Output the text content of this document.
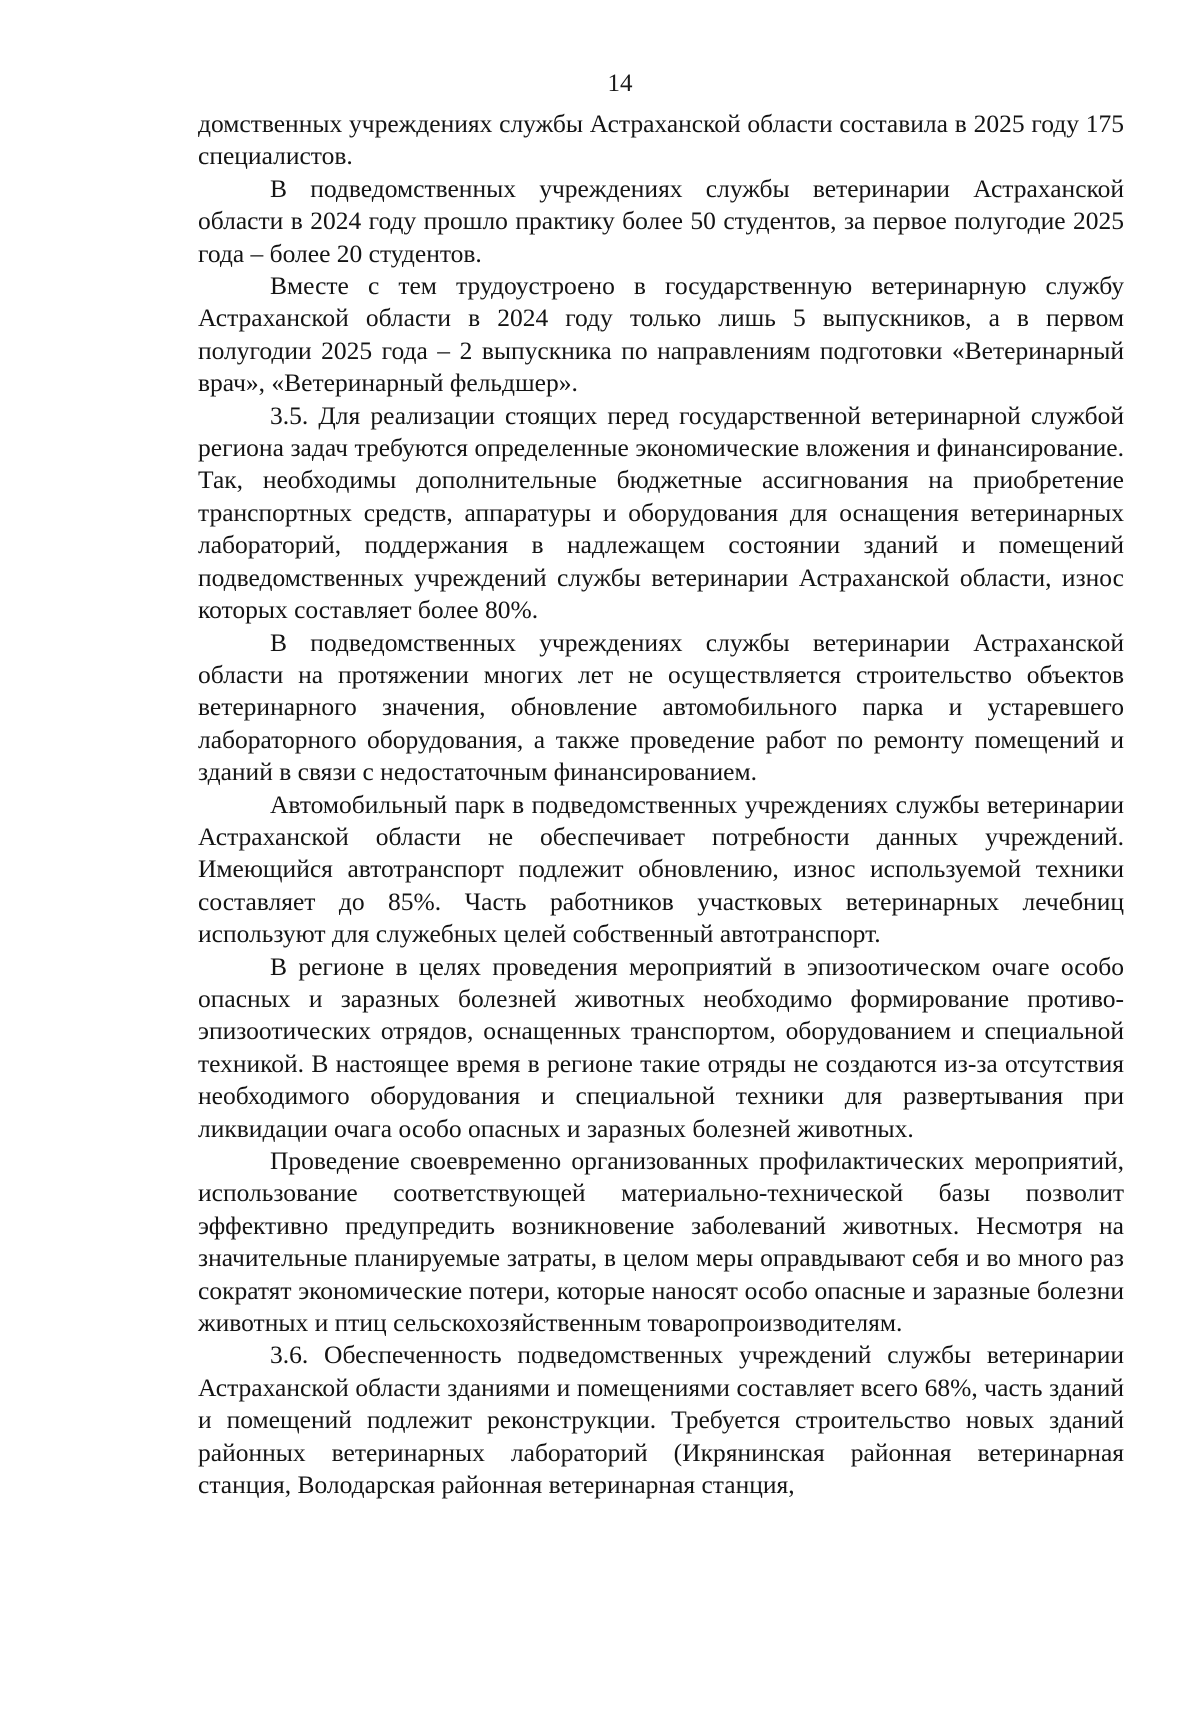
14

домственных учреждениях службы Астраханской области составила в 2025 году 175 специалистов.

В подведомственных учреждениях службы ветеринарии Астраханской области в 2024 году прошло практику более 50 студентов, за первое полугодие 2025 года – более 20 студентов.

Вместе с тем трудоустроено в государственную ветеринарную службу Астраханской области в 2024 году только лишь 5 выпускников, а в первом полугодии 2025 года – 2 выпускника по направлениям подготовки «Ветеринарный врач», «Ветеринарный фельдшер».

3.5. Для реализации стоящих перед государственной ветеринарной службой региона задач требуются определенные экономические вложения и финансирование. Так, необходимы дополнительные бюджетные ассигнования на приобретение транспортных средств, аппаратуры и оборудования для оснащения ветеринарных лабораторий, поддержания в надлежащем состоянии зданий и помещений подведомственных учреждений службы ветеринарии Астраханской области, износ которых составляет более 80%.

В подведомственных учреждениях службы ветеринарии Астраханской области на протяжении многих лет не осуществляется строительство объектов ветеринарного значения, обновление автомобильного парка и устаревшего лабораторного оборудования, а также проведение работ по ремонту помещений и зданий в связи с недостаточным финансированием.

Автомобильный парк в подведомственных учреждениях службы ветеринарии Астраханской области не обеспечивает потребности данных учреждений. Имеющийся автотранспорт подлежит обновлению, износ используемой техники составляет до 85%. Часть работников участковых ветеринарных лечебниц используют для служебных целей собственный автотранспорт.

В регионе в целях проведения мероприятий в эпизоотическом очаге особо опасных и заразных болезней животных необходимо формирование противоэпизоотических отрядов, оснащенных транспортом, оборудованием и специальной техникой. В настоящее время в регионе такие отряды не создаются из-за отсутствия необходимого оборудования и специальной техники для развертывания при ликвидации очага особо опасных и заразных болезней животных.

Проведение своевременно организованных профилактических мероприятий, использование соответствующей материально-технической базы позволит эффективно предупредить возникновение заболеваний животных. Несмотря на значительные планируемые затраты, в целом меры оправдывают себя и во много раз сократят экономические потери, которые наносят особо опасные и заразные болезни животных и птиц сельскохозяйственным товаропроизводителям.

3.6. Обеспеченность подведомственных учреждений службы ветеринарии Астраханской области зданиями и помещениями составляет всего 68%, часть зданий и помещений подлежит реконструкции. Требуется строительство новых зданий районных ветеринарных лабораторий (Икрянинская районная ветеринарная станция, Володарская районная ветеринарная станция,
